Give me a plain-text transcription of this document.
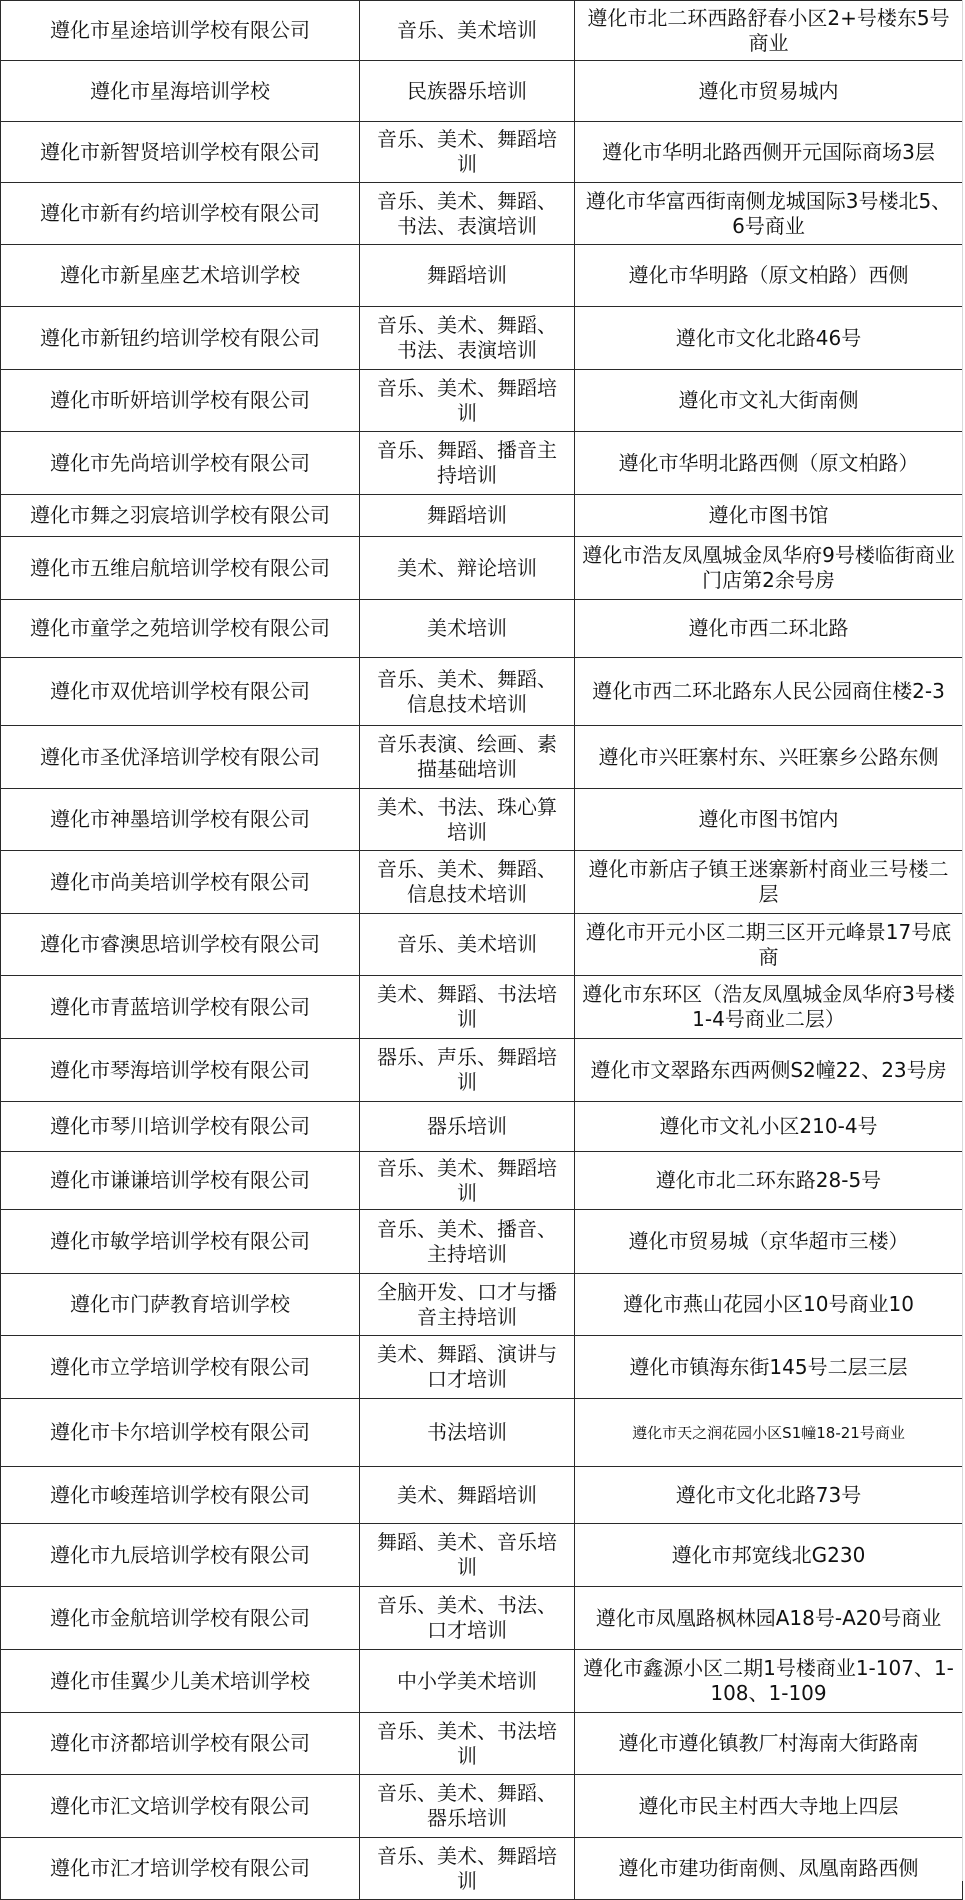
遵化市星途培训学校有限公司	音乐、美术培训	遵化市北二环西路舒春小区2+号楼东5号商业
遵化市星海培训学校	民族器乐培训	遵化市贸易城内
遵化市新智贤培训学校有限公司	音乐、美术、舞蹈培训	遵化市华明北路西侧开元国际商场3层
遵化市新有约培训学校有限公司	音乐、美术、舞蹈、书法、表演培训	遵化市华富西街南侧龙城国际3号楼北5、6号商业
遵化市新星座艺术培训学校	舞蹈培训	遵化市华明路（原文柏路）西侧
遵化市新钮约培训学校有限公司	音乐、美术、舞蹈、书法、表演培训	遵化市文化北路46号
遵化市昕妍培训学校有限公司	音乐、美术、舞蹈培训	遵化市文礼大街南侧
遵化市先尚培训学校有限公司	音乐、舞蹈、播音主持培训	遵化市华明北路西侧（原文柏路）
遵化市舞之羽宸培训学校有限公司	舞蹈培训	遵化市图书馆
遵化市五维启航培训学校有限公司	美术、辩论培训	遵化市浩友凤凰城金凤华府9号楼临街商业门店第2余号房
遵化市童学之苑培训学校有限公司	美术培训	遵化市西二环北路
遵化市双优培训学校有限公司	音乐、美术、舞蹈、信息技术培训	遵化市西二环北路东人民公园商住楼2-3
遵化市圣优泽培训学校有限公司	音乐表演、绘画、素描基础培训	遵化市兴旺寨村东、兴旺寨乡公路东侧
遵化市神墨培训学校有限公司	美术、书法、珠心算培训	遵化市图书馆内
遵化市尚美培训学校有限公司	音乐、美术、舞蹈、信息技术培训	遵化市新店子镇王迷寨新村商业三号楼二层
遵化市睿澳思培训学校有限公司	音乐、美术培训	遵化市开元小区二期三区开元峰景17号底商
遵化市青蓝培训学校有限公司	美术、舞蹈、书法培训	遵化市东环区（浩友凤凰城金凤华府3号楼1-4号商业二层）
遵化市琴海培训学校有限公司	器乐、声乐、舞蹈培训	遵化市文翠路东西两侧S2幢22、23号房
遵化市琴川培训学校有限公司	器乐培训	遵化市文礼小区210-4号
遵化市谦谦培训学校有限公司	音乐、美术、舞蹈培训	遵化市北二环东路28-5号
遵化市敏学培训学校有限公司	音乐、美术、播音、主持培训	遵化市贸易城（京华超市三楼）
遵化市门萨教育培训学校	全脑开发、口才与播音主持培训	遵化市燕山花园小区10号商业10
遵化市立学培训学校有限公司	美术、舞蹈、演讲与口才培训	遵化市镇海东街145号二层三层
遵化市卡尔培训学校有限公司	书法培训	遵化市天之润花园小区S1幢18-21号商业
遵化市峻莲培训学校有限公司	美术、舞蹈培训	遵化市文化北路73号
遵化市九辰培训学校有限公司	舞蹈、美术、音乐培训	遵化市邦宽线北G230
遵化市金航培训学校有限公司	音乐、美术、书法、口才培训	遵化市凤凰路枫林园A18号-A20号商业
遵化市佳翼少儿美术培训学校	中小学美术培训	遵化市鑫源小区二期1号楼商业1-107、1-108、1-109
遵化市济都培训学校有限公司	音乐、美术、书法培训	遵化市遵化镇教厂村海南大街路南
遵化市汇文培训学校有限公司	音乐、美术、舞蹈、器乐培训	遵化市民主村西大寺地上四层
遵化市汇才培训学校有限公司	音乐、美术、舞蹈培训	遵化市建功街南侧、凤凰南路西侧
